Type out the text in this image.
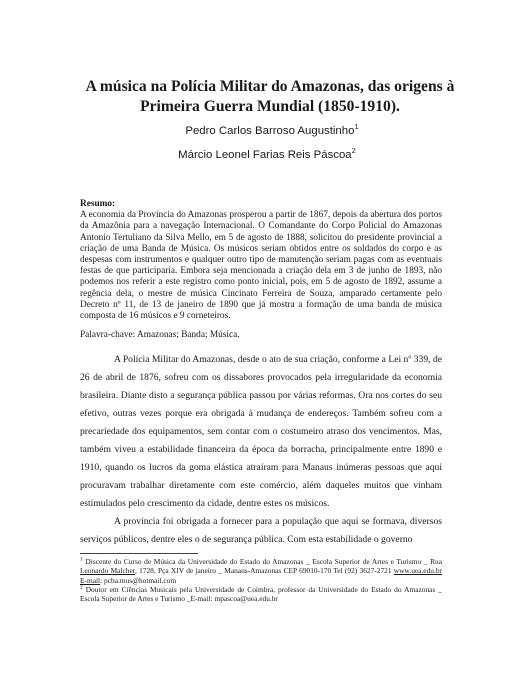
A música na Polícia Militar do Amazonas, das origens à Primeira Guerra Mundial (1850-1910).
Pedro Carlos Barroso Augustinho$^1$
Márcio Leonel Farias Reis Páscoa$^2$
Resumo:
A economia da Província do Amazonas prosperou a partir de 1867, depois da abertura dos portos da Amazônia para a navegação Internacional. O Comandante do Corpo Policial do Amazonas Antonio Tertuliano da Silva Mello, em 5 de agosto de 1888, solicitou do presidente provincial a criação de uma Banda de Música. Os músicos seriam obtidos entre os soldados do corpo e as despesas com instrumentos e qualquer outro tipo de manutenção seriam pagas com as eventuais festas de que participaria. Embora seja mencionada a criação dela em 3 de junho de 1893, não podemos nos referir a este registro como ponto inicial, pois, em 5 de agosto de 1892, assume a regência dela, o mestre de música Cincinato Ferreira de Souza, amparado certamente pelo Decreto nº 11, de 13 de janeiro de 1890 que já mostra a formação de uma banda de música composta de 16 músicos e 9 corneteiros.
Palavra-chave: Amazonas; Banda; Música.

A Polícia Militar do Amazonas, desde o ato de sua criação, conforme a Lei nº 339, de 26 de abril de 1876, sofreu com os dissabores provocados pela irregularidade da economia brasileira. Diante disto a segurança pública passou por várias reformas. Ora nos cortes do seu efetivo, outras vezes porque era obrigada à mudança de endereços. Também sofreu com a precariedade dos equipamentos, sem contar com o costumeiro atraso dos vencimentos. Mas, também viveu a estabilidade financeira da época da borracha, principalmente entre 1890 e 1910, quando os lucros da goma elástica atraíram para Manaus inúmeras pessoas que aqui procuravam trabalhar diretamente com este comércio, além daqueles muitos que vinham estimulados pelo crescimento da cidade, dentre estes os músicos.

A província foi obrigada a fornecer para a população que aqui se formava, diversos serviços públicos, dentre eles o de segurança pública. Com esta estabilidade o governo

$^1$ Discente do Curso de Música da Universidade do Estado do Amazonas _ Escola Superior de Artes e Turismo _ Rua Leonardo Malcher, 1728, Pça XIV de janeiro _ Manaus-Amazonas CEP 69010-170 Tel (92) 3627-2721 www.uea.edu.br E-mail: pcba.mus@hotmail.com

$^2$ Doutor em Ciências Musicais pela Universidade de Coimbra, professor da Universidade do Estado do Amazonas _ Escola Superior de Artes e Turismo _E-mail: mpascoa@uea.edu.br
